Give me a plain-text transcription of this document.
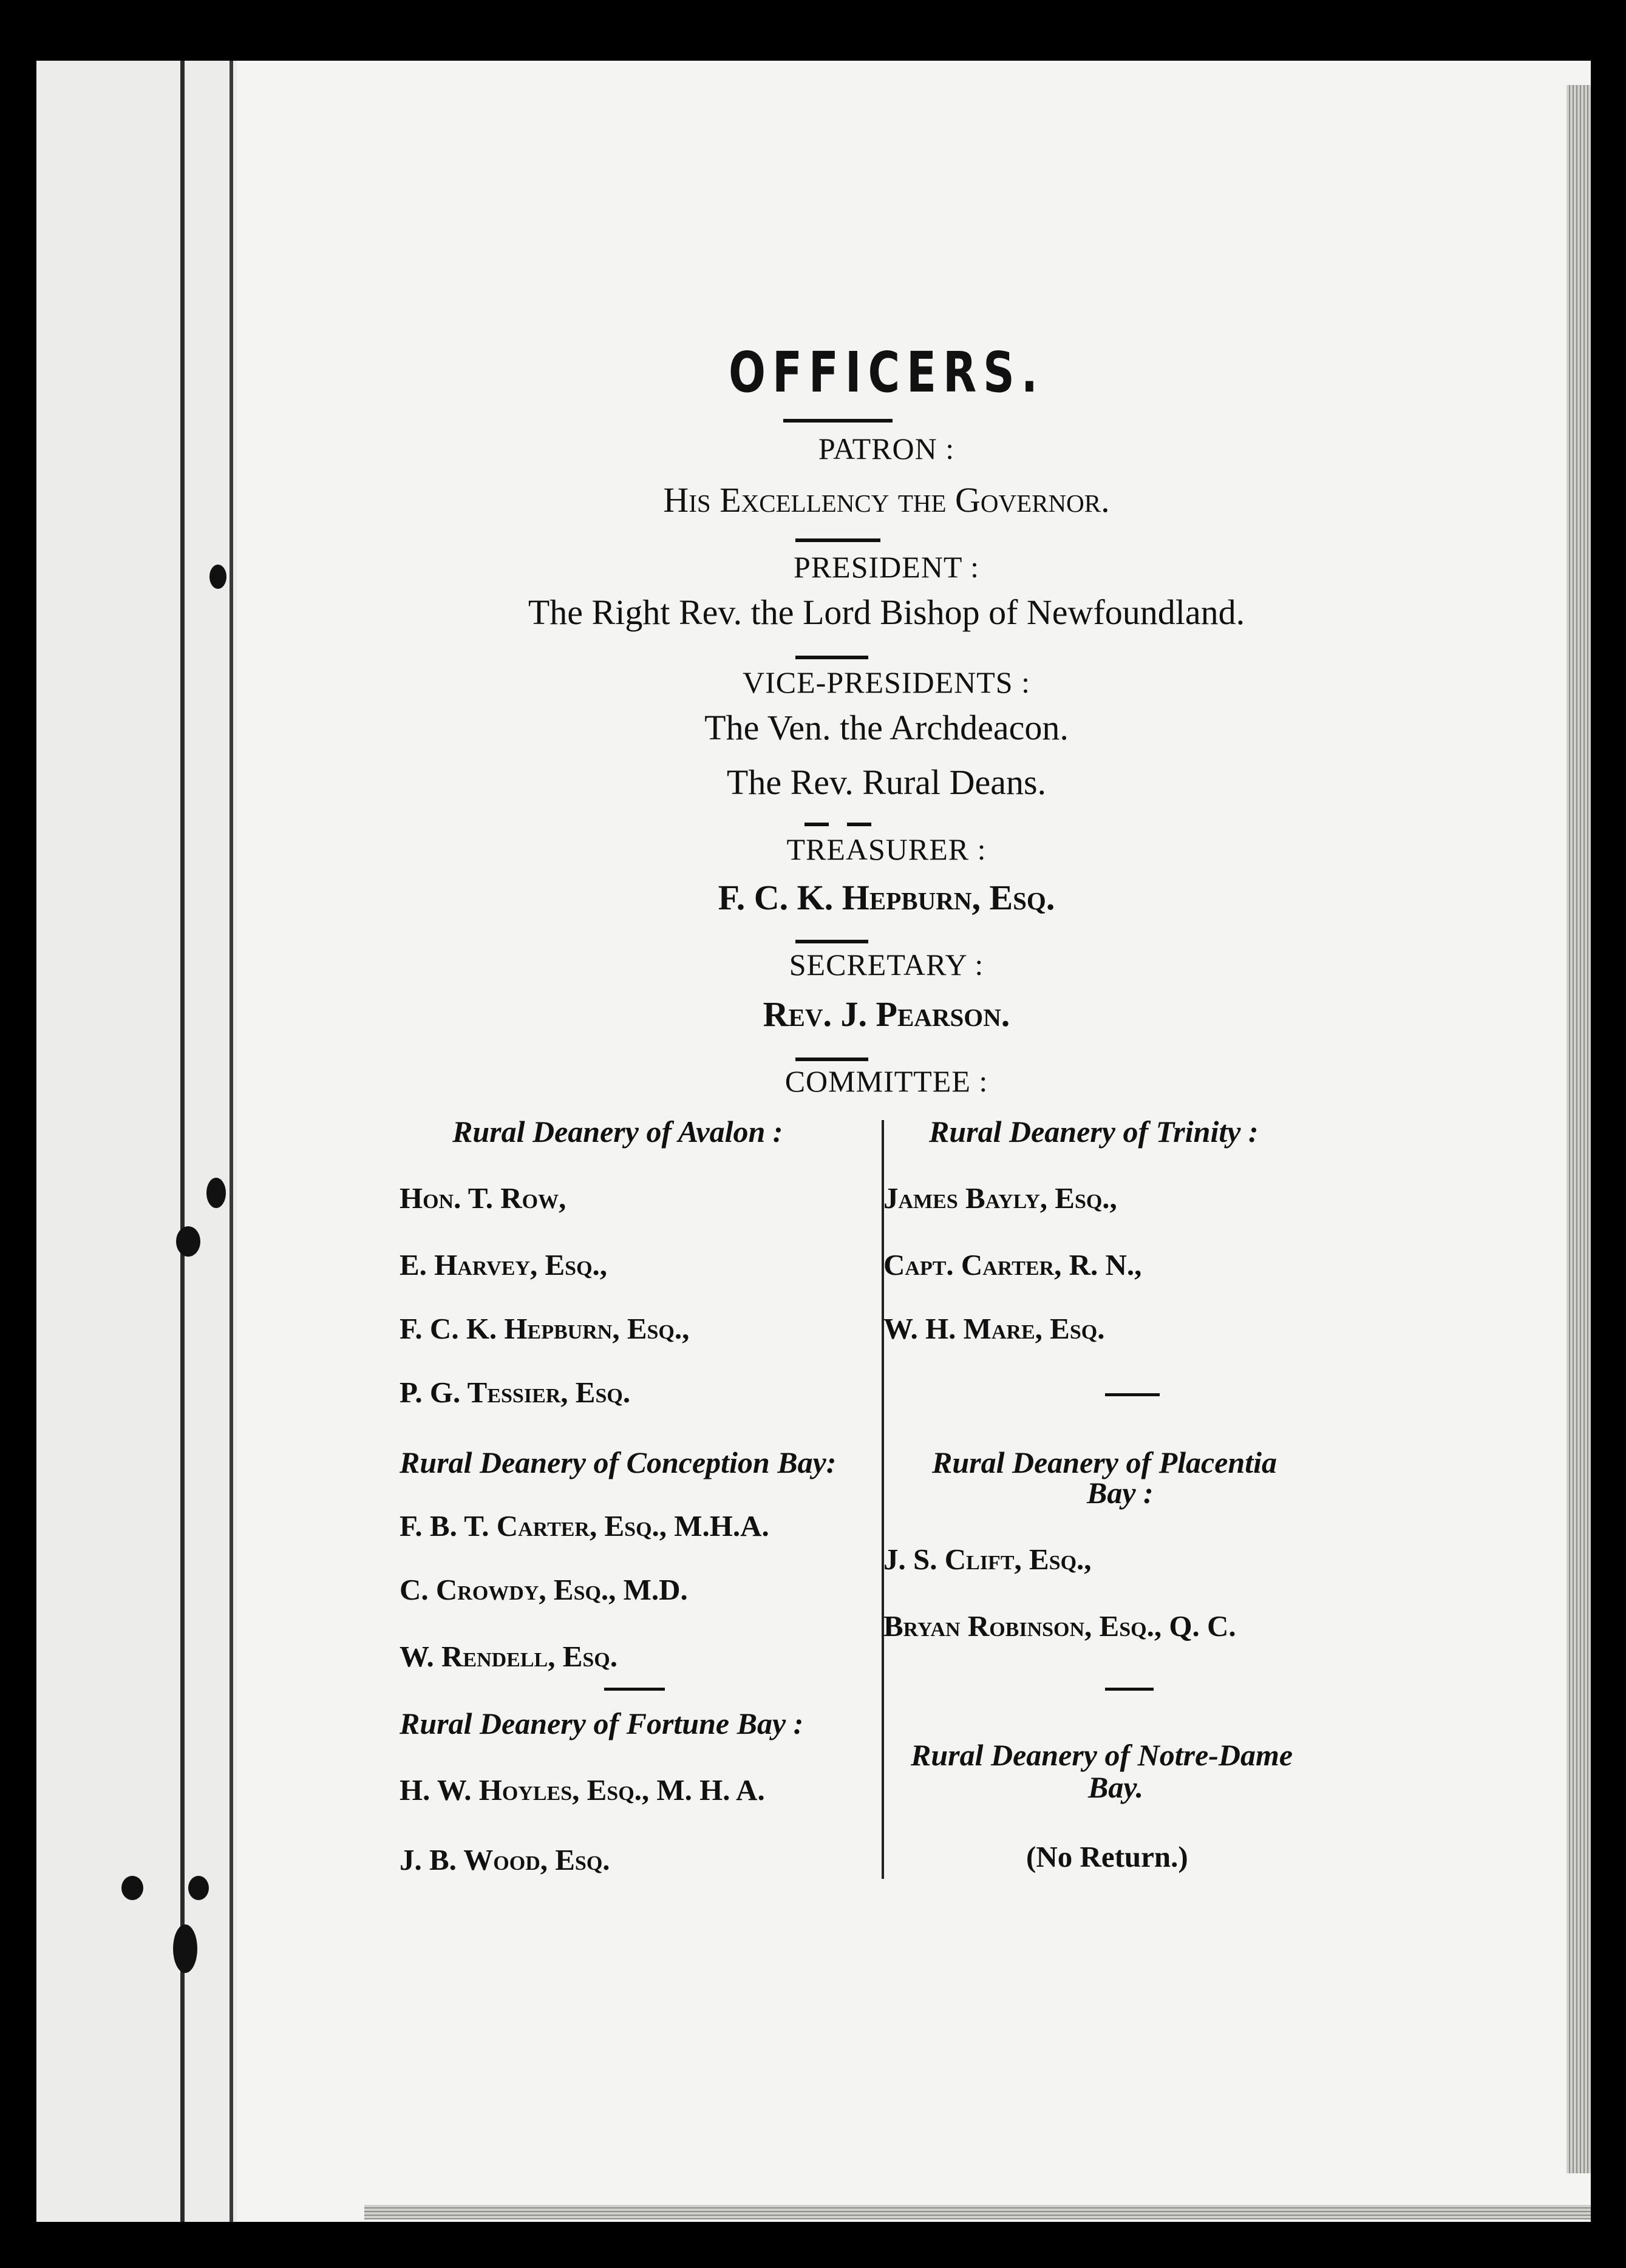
OFFICERS.
PATRON :
His Excellency the Governor.
PRESIDENT :
The Right Rev. the Lord Bishop of Newfoundland.
VICE-PRESIDENTS :
The Ven. the Archdeacon.
The Rev. Rural Deans.
TREASURER :
F. C. K. Hepburn, Esq.
SECRETARY :
Rev. J. Pearson.
COMMITTEE :
Rural Deanery of Avalon :
Hon. T. Row,
E. Harvey, Esq.,
F. C. K. Hepburn, Esq.,
P. G. Tessier, Esq.
Rural Deanery of Conception Bay:
F. B. T. Carter, Esq., M.H.A.
C. Crowdy, Esq., M.D.
W. Rendell, Esq.
Rural Deanery of Fortune Bay :
H. W. Hoyles, Esq., M. H. A.
J. B. Wood, Esq.
Rural Deanery of Trinity :
James Bayly, Esq.,
Capt. Carter, R. N.,
W. H. Mare, Esq.
Rural Deanery of Placentia
Bay :
J. S. Clift, Esq.,
Bryan Robinson, Esq., Q. C.
Rural Deanery of Notre-Dame
Bay.
(No Return.)
